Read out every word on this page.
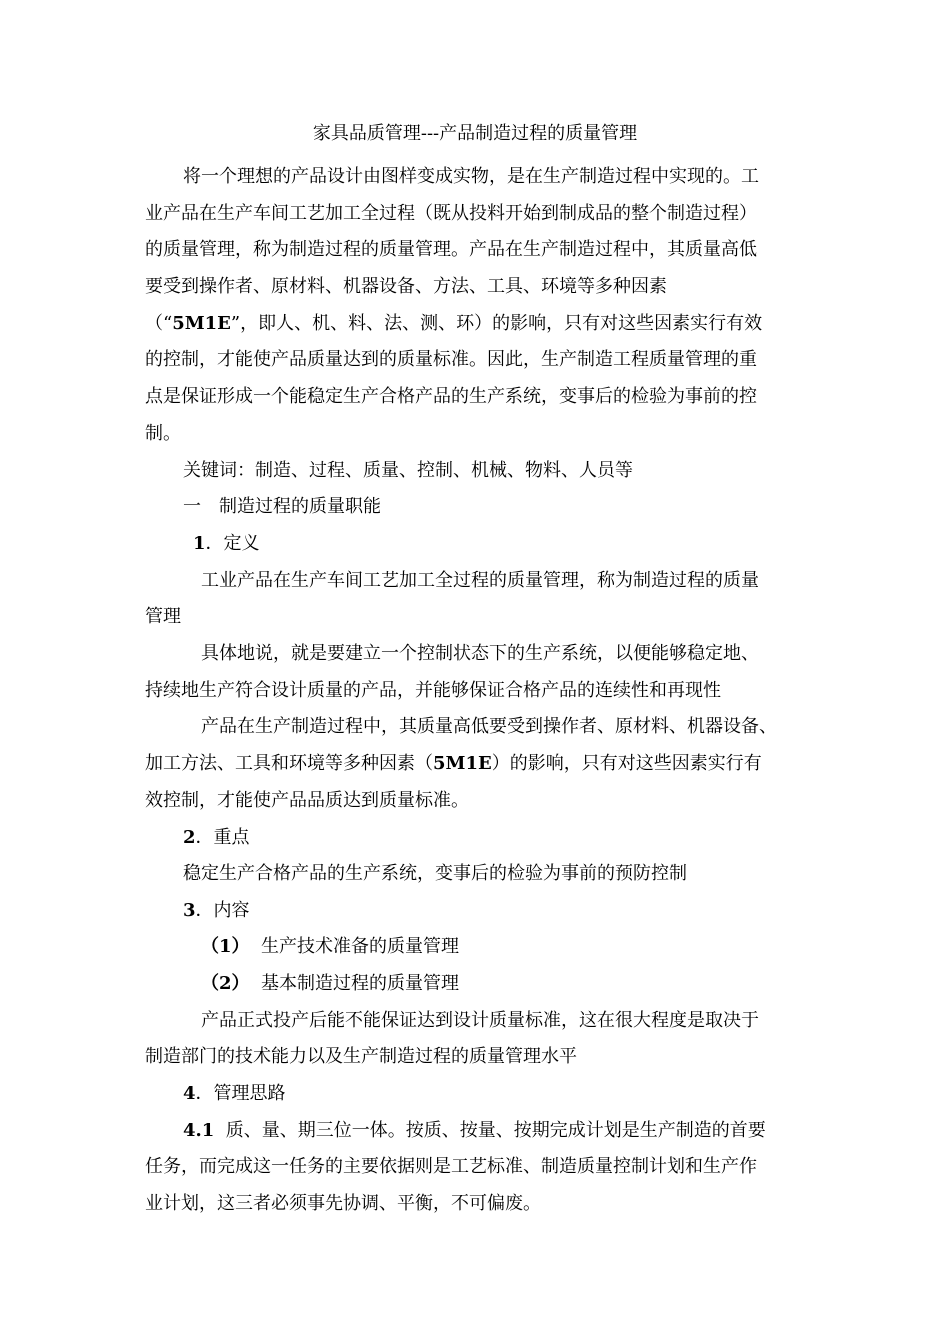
家具品质管理---产品制造过程的质量管理
将一个理想的产品设计由图样变成实物，是在生产制造过程中实现的。工
业产品在生产车间工艺加工全过程（既从投料开始到制成品的整个制造过程）
的质量管理，称为制造过程的质量管理。产品在生产制造过程中，其质量高低
要受到操作者、原材料、机器设备、方法、工具、环境等多种因素
（“5M1E”，即人、机、料、法、测、环）的影响，只有对这些因素实行有效
的控制，才能使产品质量达到的质量标准。因此，生产制造工程质量管理的重
点是保证形成一个能稳定生产合格产品的生产系统，变事后的检验为事前的控
制。
关键词：制造、过程、质量、控制、机械、物料、人员等
一　制造过程的质量职能
1．定义
工业产品在生产车间工艺加工全过程的质量管理，称为制造过程的质量
管理
具体地说，就是要建立一个控制状态下的生产系统，以便能够稳定地、
持续地生产符合设计质量的产品，并能够保证合格产品的连续性和再现性
产品在生产制造过程中，其质量高低要受到操作者、原材料、机器设备、
加工方法、工具和环境等多种因素（5M1E）的影响，只有对这些因素实行有
效控制，才能使产品品质达到质量标准。
2．重点
稳定生产合格产品的生产系统，变事后的检验为事前的预防控制
3．内容
（1） 生产技术准备的质量管理
（2） 基本制造过程的质量管理
产品正式投产后能不能保证达到设计质量标准，这在很大程度是取决于
制造部门的技术能力以及生产制造过程的质量管理水平
4．管理思路
4.1 质、量、期三位一体。按质、按量、按期完成计划是生产制造的首要
任务，而完成这一任务的主要依据则是工艺标准、制造质量控制计划和生产作
业计划，这三者必须事先协调、平衡，不可偏废。
